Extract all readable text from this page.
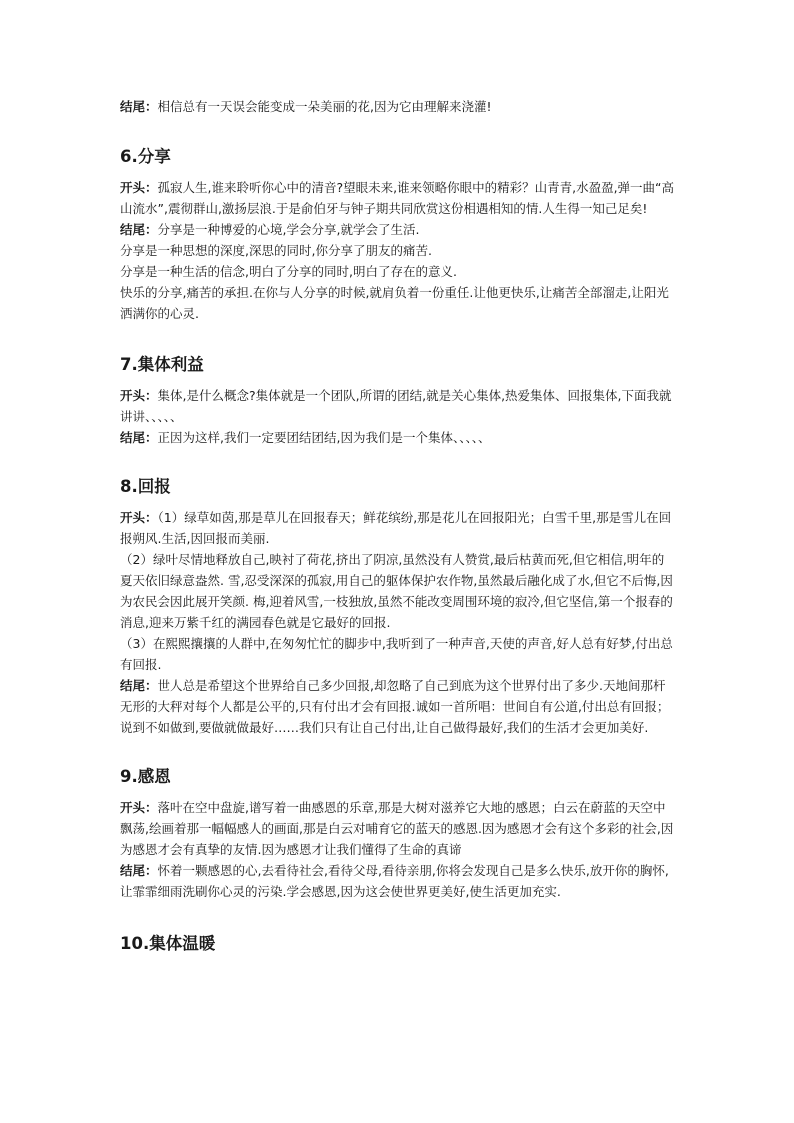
结尾：相信总有一天误会能变成一朵美丽的花,因为它由理解来浇灌!

6.分享

开头：孤寂人生,谁来聆听你心中的清音?望眼未来,谁来领略你眼中的精彩？山青青,水盈盈,弹一曲“高山流水”,震彻群山,激扬层浪.于是俞伯牙与钟子期共同欣赏这份相遇相知的情.人生得一知己足矣!

结尾：分享是一种博爱的心境,学会分享,就学会了生活.

分享是一种思想的深度,深思的同时,你分享了朋友的痛苦.

分享是一种生活的信念,明白了分享的同时,明白了存在的意义.

快乐的分享,痛苦的承担.在你与人分享的时候,就肩负着一份重任.让他更快乐,让痛苦全部溜走,让阳光洒满你的心灵.

7.集体利益

开头：集体,是什么概念?集体就是一个团队,所谓的团结,就是关心集体,热爱集体、回报集体,下面我就讲讲、、、、、

结尾：正因为这样,我们一定要团结团结,因为我们是一个集体、、、、、

8.回报

开头：（1）绿草如茵,那是草儿在回报春天；鲜花缤纷,那是花儿在回报阳光；白雪千里,那是雪儿在回报朔风.生活,因回报而美丽.

（2）绿叶尽情地释放自己,映衬了荷花,挤出了阴凉,虽然没有人赞赏,最后枯黄而死,但它相信,明年的夏天依旧绿意盎然. 雪,忍受深深的孤寂,用自己的躯体保护农作物,虽然最后融化成了水,但它不后悔,因为农民会因此展开笑颜. 梅,迎着风雪,一枝独放,虽然不能改变周围环境的寂冷,但它坚信,第一个报春的消息,迎来万紫千红的满园春色就是它最好的回报.

（3）在熙熙攘攘的人群中,在匆匆忙忙的脚步中,我听到了一种声音,天使的声音,好人总有好梦,付出总有回报.

结尾：世人总是希望这个世界给自己多少回报,却忽略了自己到底为这个世界付出了多少.天地间那杆无形的大秤对每个人都是公平的,只有付出才会有回报.诚如一首所唱：世间自有公道,付出总有回报；说到不如做到,要做就做最好……我们只有让自己付出,让自己做得最好,我们的生活才会更加美好.

9.感恩

开头：落叶在空中盘旋,谱写着一曲感恩的乐章,那是大树对滋养它大地的感恩；白云在蔚蓝的天空中飘荡,绘画着那一幅幅感人的画面,那是白云对哺育它的蓝天的感恩.因为感恩才会有这个多彩的社会,因为感恩才会有真挚的友情.因为感恩才让我们懂得了生命的真谛

结尾：怀着一颗感恩的心,去看待社会,看待父母,看待亲朋,你将会发现自己是多么快乐,放开你的胸怀,让霏霏细雨洗刷你心灵的污染.学会感恩,因为这会使世界更美好,使生活更加充实.

10.集体温暖
